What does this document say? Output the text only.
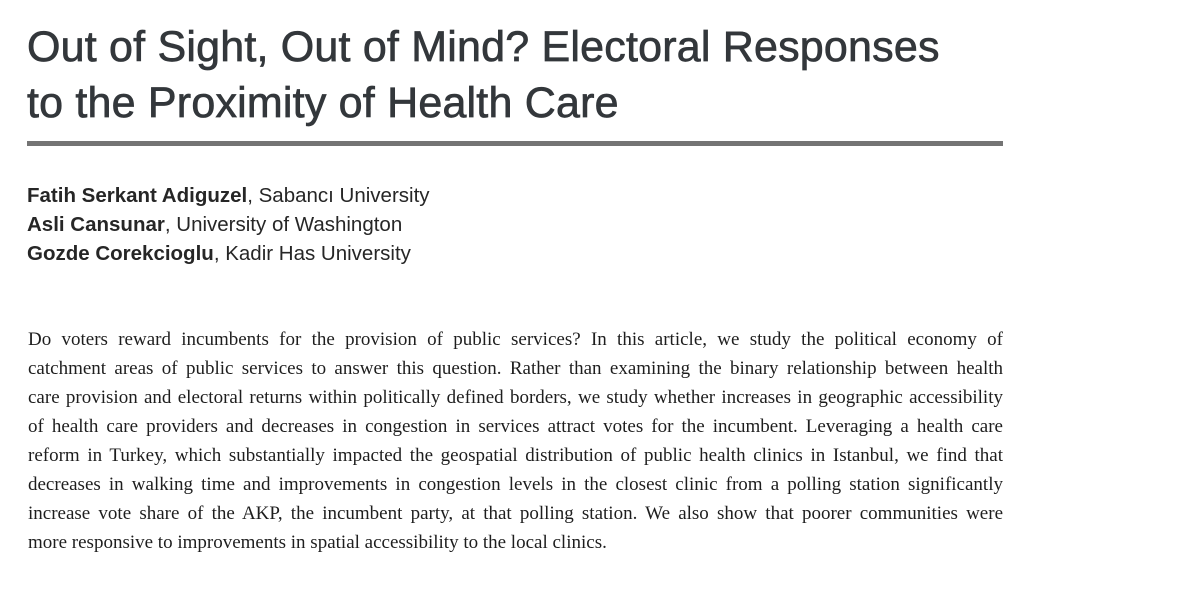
Out of Sight, Out of Mind? Electoral Responses
to the Proximity of Health Care
Fatih Serkant Adiguzel, Sabancı University
Asli Cansunar, University of Washington
Gozde Corekcioglu, Kadir Has University
Do voters reward incumbents for the provision of public services? In this article, we study the political economy of
catchment areas of public services to answer this question. Rather than examining the binary relationship between health
care provision and electoral returns within politically defined borders, we study whether increases in geographic accessibility
of health care providers and decreases in congestion in services attract votes for the incumbent. Leveraging a health care
reform in Turkey, which substantially impacted the geospatial distribution of public health clinics in Istanbul, we find that
decreases in walking time and improvements in congestion levels in the closest clinic from a polling station significantly
increase vote share of the AKP, the incumbent party, at that polling station. We also show that poorer communities were
more responsive to improvements in spatial accessibility to the local clinics.
